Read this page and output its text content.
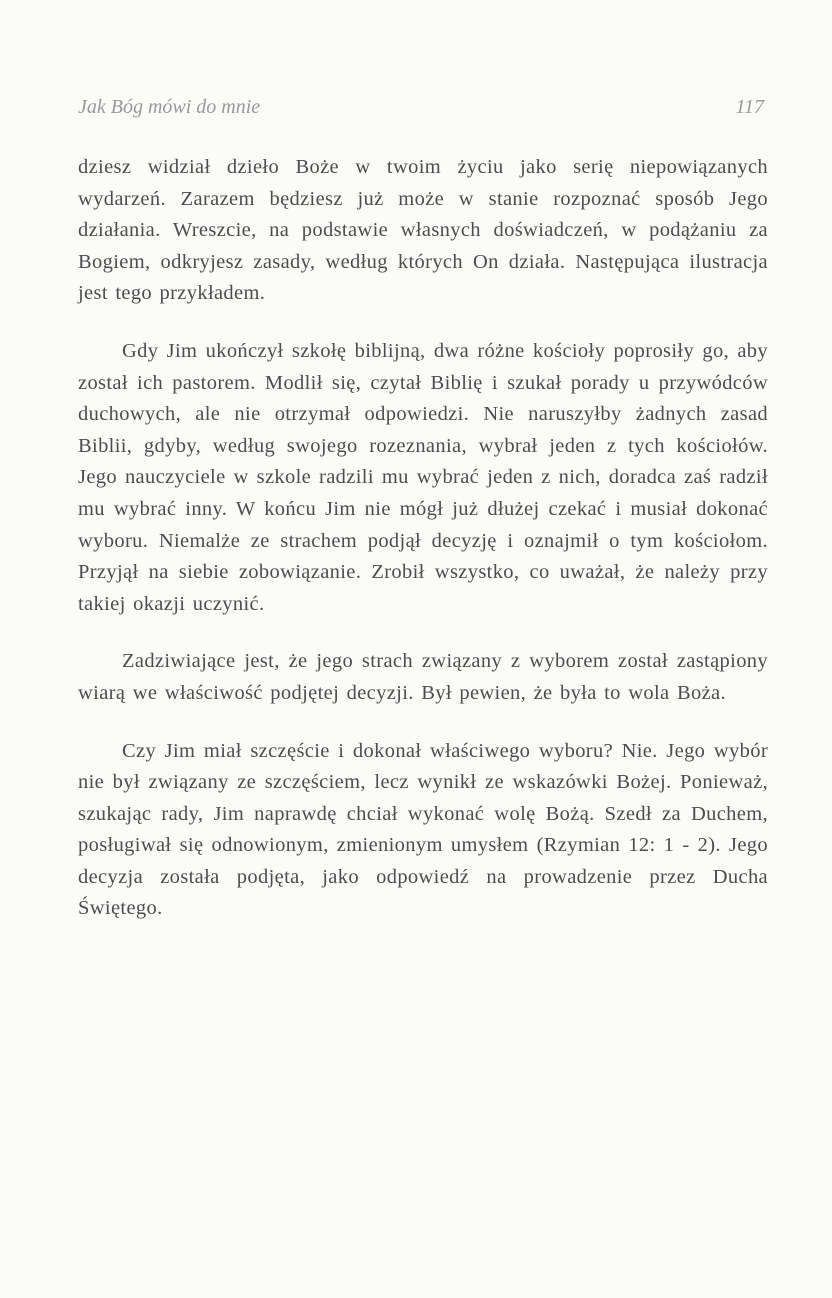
Jak Bóg mówi do mnie	117

dziesz widział dzieło Boże w twoim życiu jako serię niepowiązanych wydarzeń. Zarazem będziesz już może w stanie rozpoznać sposób Jego działania. Wreszcie, na podstawie własnych doświadczeń, w podążaniu za Bogiem, odkryjesz zasady, według których On działa. Następująca ilustracja jest tego przykładem.

Gdy Jim ukończył szkołę biblijną, dwa różne kościoły poprosiły go, aby został ich pastorem. Modlił się, czytał Biblię i szukał porady u przywódców duchowych, ale nie otrzymał odpowiedzi. Nie naruszyłby żadnych zasad Biblii, gdyby, według swojego rozeznania, wybrał jeden z tych kościołów. Jego nauczyciele w szkole radzili mu wybrać jeden z nich, doradca zaś radził mu wybrać inny. W końcu Jim nie mógł już dłużej czekać i musiał dokonać wyboru. Niemalże ze strachem podjął decyzję i oznajmił o tym kościołom. Przyjął na siebie zobowiązanie. Zrobił wszystko, co uważał, że należy przy takiej okazji uczynić.

Zadziwiające jest, że jego strach związany z wyborem został zastąpiony wiarą we właściwość podjętej decyzji. Był pewien, że była to wola Boża.

Czy Jim miał szczęście i dokonał właściwego wyboru? Nie. Jego wybór nie był związany ze szczęściem, lecz wynikł ze wskazówki Bożej. Ponieważ, szukając rady, Jim naprawdę chciał wykonać wolę Bożą. Szedł za Duchem, posługiwał się odnowionym, zmienionym umysłem (Rzymian 12: 1 - 2). Jego decyzja została podjęta, jako odpowiedź na prowadzenie przez Ducha Świętego.
